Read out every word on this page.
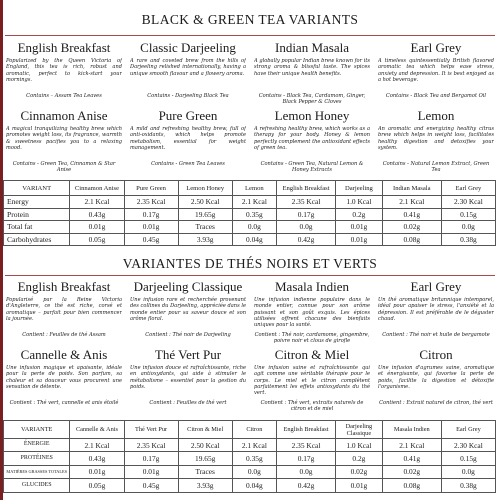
BLACK & GREEN TEA VARIANTS
English Breakfast
Popularized by the Queen Victoria of England, this tea is rich, robust and aromatic, perfect to kick-start your mornings.
Contains – Assam Tea Leaves
Classic Darjeeling
A rare and coveted brew from the hills of Darjeeling relished internationally, having a unique smooth flavour and a flowery aroma.
Contains - Darjeeling Black Tea
Indian Masala
A globally popular Indian brew known for its strong aroma & blissful taste. The spices have their unique health benefits.
Contains - Black Tea, Cardamom, Ginger, Black Pepper & Cloves
Earl Grey
A timeless quintessentially British flavored aromatic tea which helps ease stress, anxiety and depression. It is best enjoyed as a hot beverage.
Contains - Black Tea and Bergamot Oil
Cinnamon Anise
A magical tranquilizing healthy brew which promotes weight loss, its fragrance, warmth & sweetness pacifies you to a relaxing mood.
Contains - Green Tea, Cinnamon & Star Anise
Pure Green
A mild and refreshing healthy brew, full of anti-oxidants, which helps promote metabolism, essential for weight management.
Contains - Green Tea Leaves
Lemon Honey
A refreshing healthy brew, which works as a therapy for your body. Honey & lemon perfectly complement the antioxidant effects of green tea.
Contains - Green Tea, Natural Lemon & Honey Extracts
Lemon
An aromatic and energizing healthy citrus brew which helps in weight loss, facilitates healthy digestion and detoxifies your system.
Contains - Natural Lemon Extract, Green Tea
VARIANT	Cinnamon Anise	Pure Green	Lemon Honey	Lemon	English Breakfast	Darjeeling	Indian Masala	Earl Grey
Energy	2.1 Kcal	2.35 Kcal	2.50 Kcal	2.1 Kcal	2.35 Kcal	1.0 Kcal	2.1 Kcal	2.30 Kcal
Protein	0.43g	0.17g	19.65g	0.35g	0.17g	0.2g	0.41g	0.15g
Total fat	0.01g	0.01g	Traces	0.0g	0.0g	0.01g	0.02g	0.0g
Carbohydrates	0.05g	0.45g	3.93g	0.04g	0.42g	0.01g	0.08g	0.38g
VARIANTES DE THÉS NOIRS ET VERTS
English Breakfast
Popularisé par la Reine Victoria d'Angleterre, ce thé est riche, corsé et aromatique – parfait pour bien commencer la journée.
Contient : Feuilles de thé Assam
Darjeeling Classique
Une infusion rare et recherchée provenant des collines du Darjeeling, appréciée dans le monde entier pour sa saveur douce et son arôme floral.
Contient : Thé noir de Darjeeling
Masala Indien
Une infusion indienne populaire dans le monde entier, connue pour son arôme puissant et son goût exquis. Les épices utilisées offrent chacune des bienfaits uniques pour la santé.
Contient : Thé noir, cardamome, gingembre, poivre noir et clous de girofle
Earl Grey
Un thé aromatique britannique intemporel, idéal pour apaiser le stress, l'anxiété et la dépression. Il est préférable de le déguster chaud.
Contient : Thé noir et huile de bergamote
Cannelle & Anis
Une infusion magique et apaisante, idéale pour la perte de poids. Son parfum, sa chaleur et sa douceur vous procurent une sensation de détente.
Contient : Thé vert, cannelle et anis étoilé
Thé Vert Pur
Une infusion douce et rafraîchissante, riche en antioxydants, qui aide à stimuler le métabolisme – essentiel pour la gestion du poids.
Contient : Feuilles de thé vert
Citron & Miel
Une infusion saine et rafraîchissante qui agit comme une véritable thérapie pour le corps. Le miel et le citron complètent parfaitement les effets antioxydants du thé vert.
Contient : Thé vert, extraits naturels de citron et de miel
Citron
Une infusion d'agrumes saine, aromatique et énergisante, qui favorise la perte de poids, facilite la digestion et détoxifie l'organisme.
Contient : Extrait naturel de citron, thé vert
VARIANTE	Cannelle & Anis	Thé Vert Pur	Citron & Miel	Citron	English Breakfast	Darjeeling Classique	Masala Indien	Earl Grey
ÉNERGIE	2.1 Kcal	2.35 Kcal	2.50 Kcal	2.1 Kcal	2.35 Kcal	1.0 Kcal	2.1 Kcal	2.30 Kcal
PROTÉINES	0.43g	0.17g	19.65g	0.35g	0.17g	0.2g	0.41g	0.15g
MATIÈRES GRASSES TOTALES	0.01g	0.01g	Traces	0.0g	0.0g	0.02g	0.02g	0.0g
GLUCIDES	0.05g	0.45g	3.93g	0.04g	0.42g	0.01g	0.08g	0.38g
